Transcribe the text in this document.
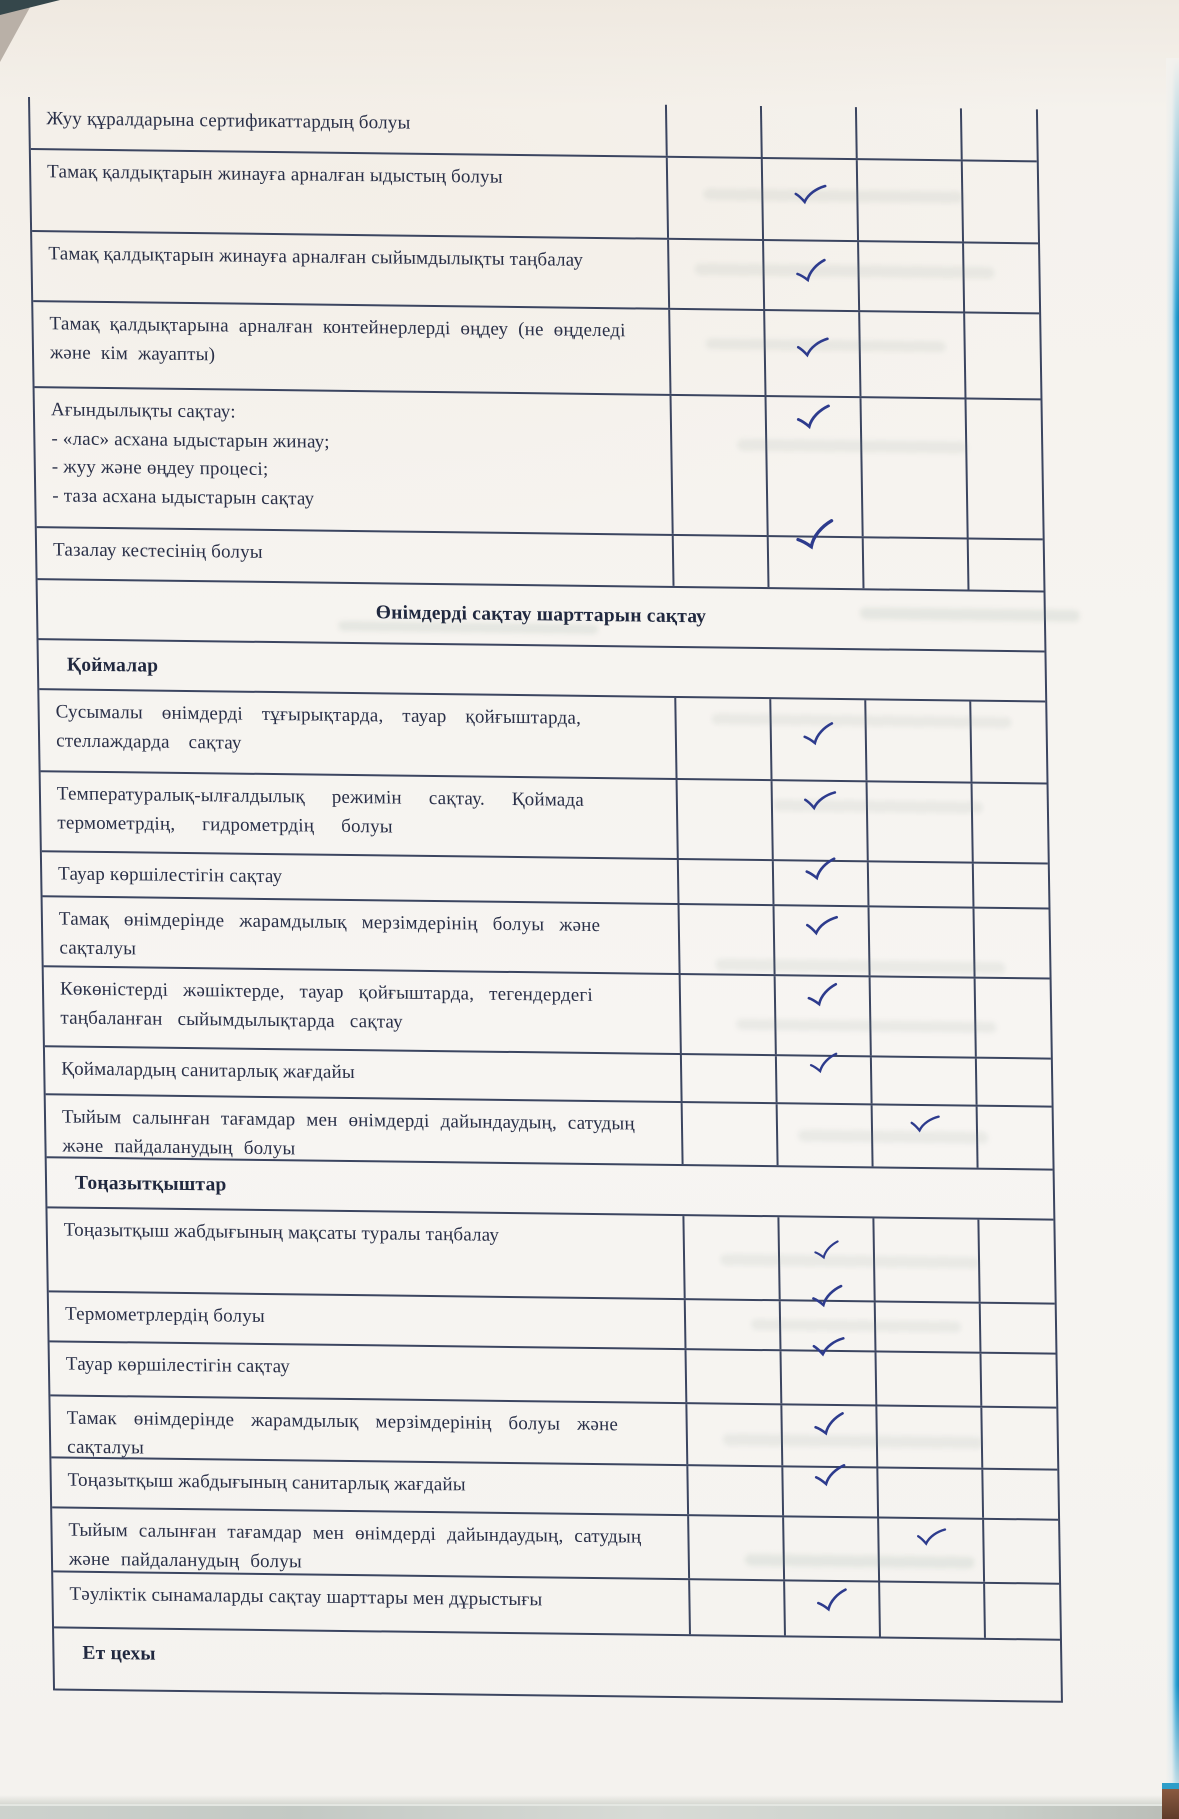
Жуу құралдарына сертификаттардың болуы
Тамақ қалдықтарын жинауға арналған ыдыстың болуы
Тамақ қалдықтарын жинауға арналған сыйымдылықты таңбалау
Тамақ қалдықтарына арналған контейнерлерді өңдеу (не өңделеді
және кім жауапты)
Ағындылықты сақтау:
- «лас» асхана ыдыстарын жинау;
- жуу және өңдеу процесі;
- таза асхана ыдыстарын сақтау
Тазалау кестесінің болуы
Өнімдерді сақтау шарттарын сақтау
Қоймалар
Сусымалы өнімдерді тұғырықтарда, тауар қойғыштарда,
стеллаждарда сақтау
Температуралық-ылғалдылық режимін сақтау. Қоймада
термометрдің, гидрометрдің болуы
Тауар көршілестігін сақтау
Тамақ өнімдерінде жарамдылық мерзімдерінің болуы және
сақталуы
Көкөністерді жәшіктерде, тауар қойғыштарда, тегендердегі
таңбаланған сыйымдылықтарда сақтау
Қоймалардың санитарлық жағдайы
Тыйым салынған тағамдар мен өнімдерді дайындаудың, сатудың
және пайдаланудың болуы
Тоңазытқыштар
Тоңазытқыш жабдығының мақсаты туралы таңбалау
Термометрлердің болуы
Тауар көршілестігін сақтау
Тамак өнімдерінде жарамдылық мерзімдерінің болуы және
сақталуы
Тоңазытқыш жабдығының санитарлық жағдайы
Тыйым салынған тағамдар мен өнімдерді дайындаудың, сатудың
және пайдаланудың болуы
Тәуліктік сынамаларды сақтау шарттары мен дұрыстығы
Ет цехы
